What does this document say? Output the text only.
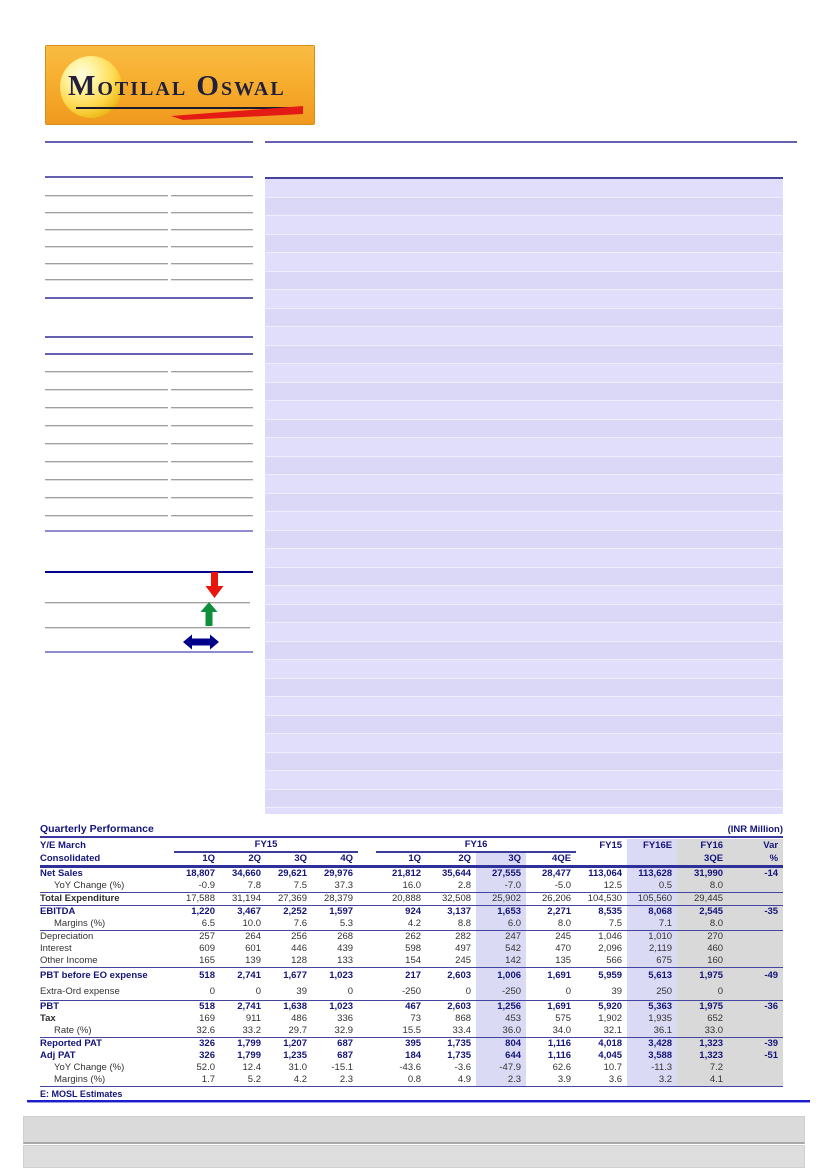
Motilal Oswal
Quarterly Performance	(INR Million)
Y/E March	FY15					FY16				FY15	FY16E	FY16	Var
Consolidated	1Q	2Q	3Q	4Q		1Q	2Q	3Q	4QE			3QE	%
Net Sales	18,807	34,660	29,621	29,976		21,812	35,644	27,555	28,477	113,064	113,628	31,990	-14
YoY Change (%)	-0.9	7.8	7.5	37.3		16.0	2.8	-7.0	-5.0	12.5	0.5	8.0	
Total Expenditure	17,588	31,194	27,369	28,379		20,888	32,508	25,902	26,206	104,530	105,560	29,445	
EBITDA	1,220	3,467	2,252	1,597		924	3,137	1,653	2,271	8,535	8,068	2,545	-35
Margins (%)	6.5	10.0	7.6	5.3		4.2	8.8	6.0	8.0	7.5	7.1	8.0	
Depreciation	257	264	256	268		262	282	247	245	1,046	1,010	270	
Interest	609	601	446	439		598	497	542	470	2,096	2,119	460	
Other Income	165	139	128	133		154	245	142	135	566	675	160	
PBT before EO expense	518	2,741	1,677	1,023		217	2,603	1,006	1,691	5,959	5,613	1,975	-49
Extra-Ord expense	0	0	39	0		-250	0	-250	0	39	250	0	
PBT	518	2,741	1,638	1,023		467	2,603	1,256	1,691	5,920	5,363	1,975	-36
Tax	169	911	486	336		73	868	453	575	1,902	1,935	652	
Rate (%)	32.6	33.2	29.7	32.9		15.5	33.4	36.0	34.0	32.1	36.1	33.0	
Reported PAT	326	1,799	1,207	687		395	1,735	804	1,116	4,018	3,428	1,323	-39
Adj PAT	326	1,799	1,235	687		184	1,735	644	1,116	4,045	3,588	1,323	-51
YoY Change (%)	52.0	12.4	31.0	-15.1		-43.6	-3.6	-47.9	62.6	10.7	-11.3	7.2	
Margins (%)	1.7	5.2	4.2	2.3		0.8	4.9	2.3	3.9	3.6	3.2	4.1	
E: MOSL Estimates
